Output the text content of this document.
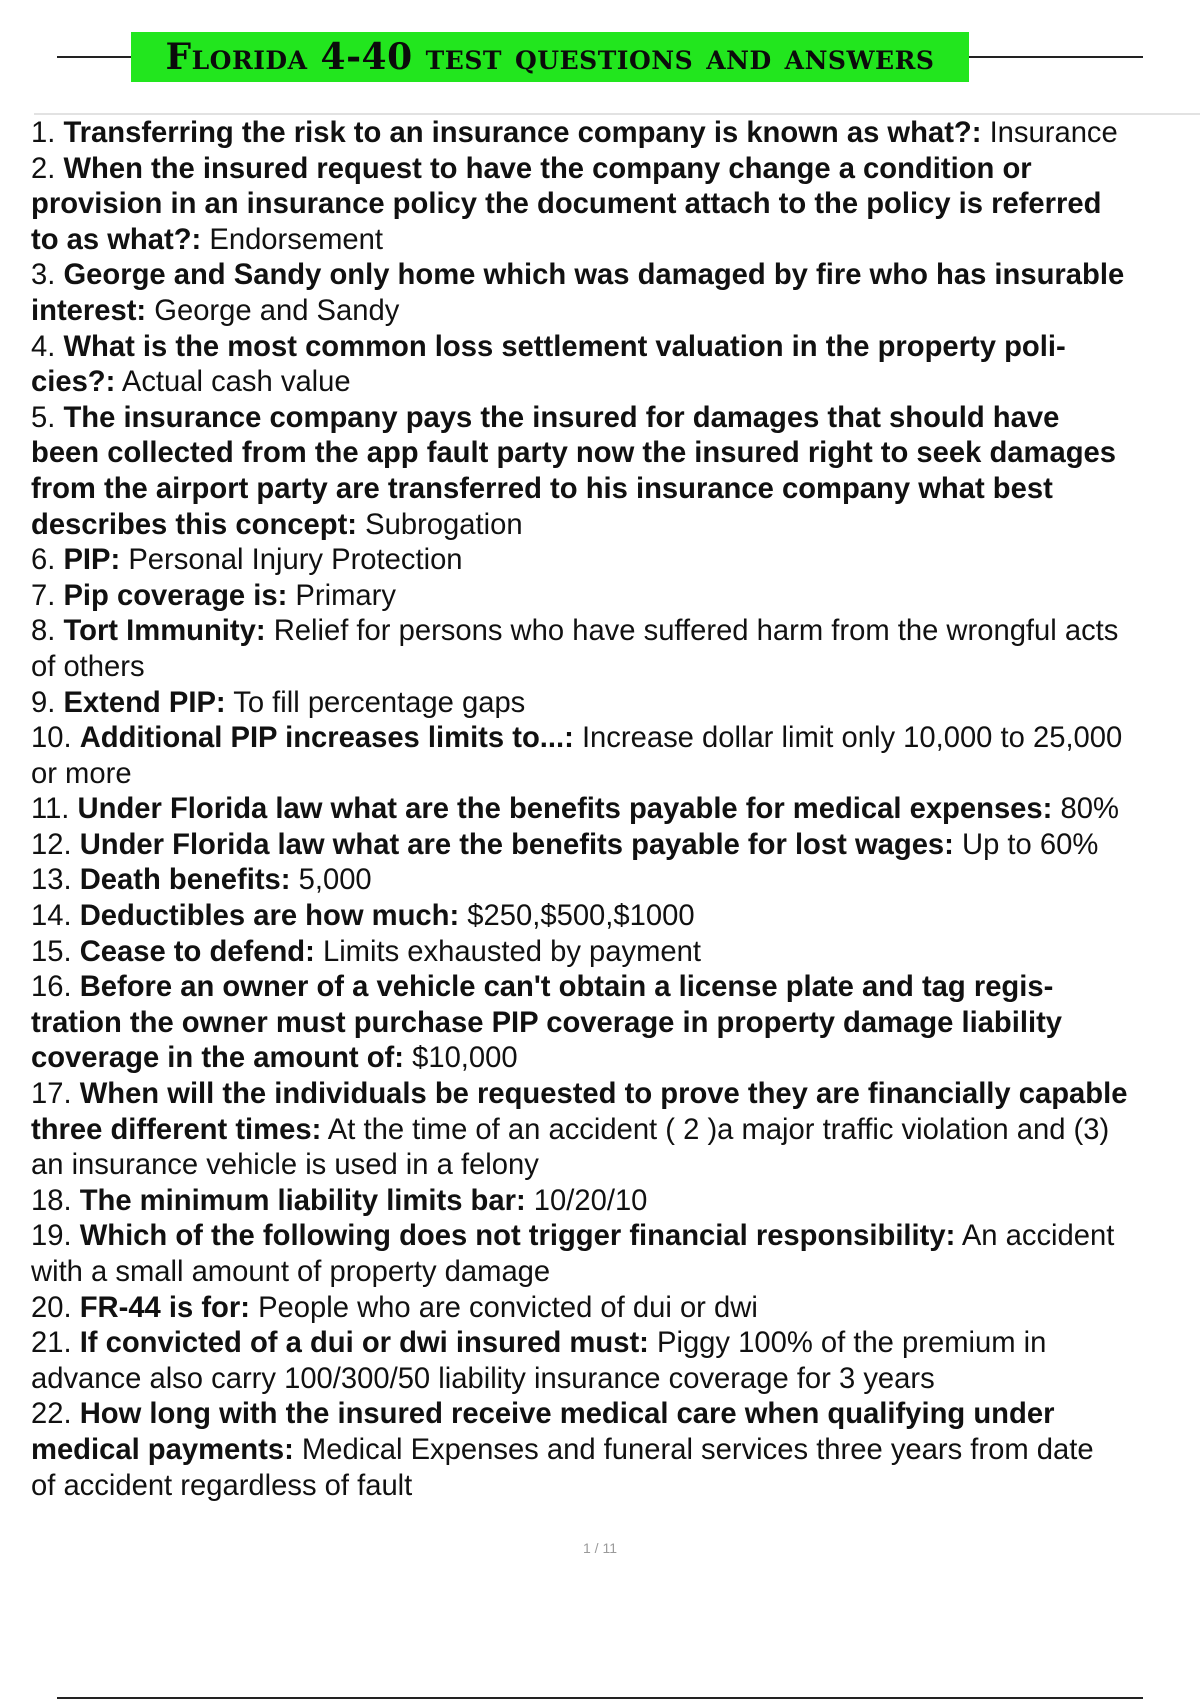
Florida 4-40 test questions and answers
1. Transferring the risk to an insurance company is known as what?: Insurance
2. When the insured request to have the company change a condition or
provision in an insurance policy the document attach to the policy is referred
to as what?: Endorsement
3. George and Sandy only home which was damaged by fire who has insurable
interest: George and Sandy
4. What is the most common loss settlement valuation in the property poli-
cies?: Actual cash value
5. The insurance company pays the insured for damages that should have
been collected from the app fault party now the insured right to seek damages
from the airport party are transferred to his insurance company what best
describes this concept: Subrogation
6. PIP: Personal Injury Protection
7. Pip coverage is: Primary
8. Tort Immunity: Relief for persons who have suffered harm from the wrongful acts
of others
9. Extend PIP: To fill percentage gaps
10. Additional PIP increases limits to...: Increase dollar limit only 10,000 to 25,000
or more
11. Under Florida law what are the benefits payable for medical expenses: 80%
12. Under Florida law what are the benefits payable for lost wages: Up to 60%
13. Death benefits: 5,000
14. Deductibles are how much: $250,$500,$1000
15. Cease to defend: Limits exhausted by payment
16. Before an owner of a vehicle can't obtain a license plate and tag regis-
tration the owner must purchase PIP coverage in property damage liability
coverage in the amount of: $10,000
17. When will the individuals be requested to prove they are financially capable
three different times: At the time of an accident ( 2 )a major traffic violation and (3)
an insurance vehicle is used in a felony
18. The minimum liability limits bar: 10/20/10
19. Which of the following does not trigger financial responsibility: An accident
with a small amount of property damage
20. FR-44 is for: People who are convicted of dui or dwi
21. If convicted of a dui or dwi insured must: Piggy 100% of the premium in
advance also carry 100/300/50 liability insurance coverage for 3 years
22. How long with the insured receive medical care when qualifying under
medical payments: Medical Expenses and funeral services three years from date
of accident regardless of fault
1 / 11
